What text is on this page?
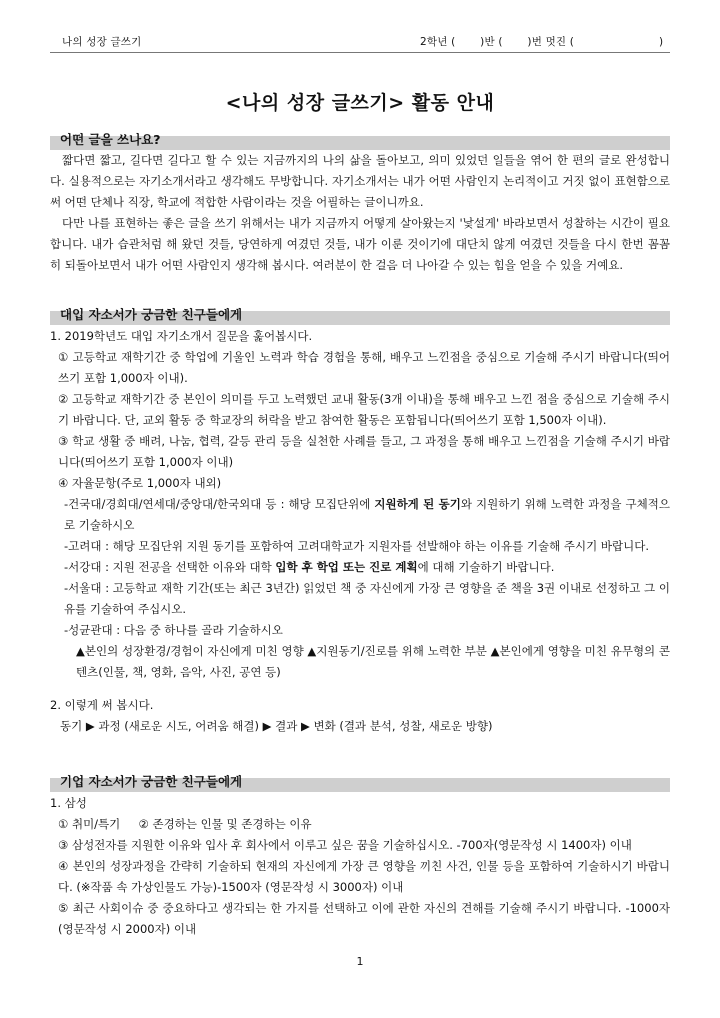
나의 성장 글쓰기	2학년 (       )반 (       )번 멋진 (                        )
<나의 성장 글쓰기> 활동 안내
어떤 글을 쓰나요?

짧다면 짧고, 길다면 길다고 할 수 있는 지금까지의 나의 삶을 돌아보고, 의미 있었던 일들을 엮어 한 편의 글로 완성합니다. 실용적으로는 자기소개서라고 생각해도 무방합니다. 자기소개서는 내가 어떤 사람인지 논리적이고 거짓 없이 표현함으로써 어떤 단체나 직장, 학교에 적합한 사람이라는 것을 어필하는 글이니까요.

다만 나를 표현하는 좋은 글을 쓰기 위해서는 내가 지금까지 어떻게 살아왔는지 '낯설게' 바라보면서 성찰하는 시간이 필요합니다. 내가 습관처럼 해 왔던 것들, 당연하게 여겼던 것들, 내가 이룬 것이기에 대단치 않게 여겼던 것들을 다시 한번 꼼꼼히 되돌아보면서 내가 어떤 사람인지 생각해 봅시다. 여러분이 한 걸음 더 나아갈 수 있는 힘을 얻을 수 있을 거예요.

대입 자소서가 궁금한 친구들에게
1. 2019학년도 대입 자기소개서 질문을 훑어봅시다.
① 고등학교 재학기간 중 학업에 기울인 노력과 학습 경험을 통해, 배우고 느낀점을 중심으로 기술해 주시기 바랍니다(띄어쓰기 포함 1,000자 이내).
② 고등학교 재학기간 중 본인이 의미를 두고 노력했던 교내 활동(3개 이내)을 통해 배우고 느낀 점을 중심으로 기술해 주시기 바랍니다. 단, 교외 활동 중 학교장의 허락을 받고 참여한 활동은 포함됩니다(띄어쓰기 포함 1,500자 이내).
③ 학교 생활 중 배려, 나눔, 협력, 갈등 관리 등을 실천한 사례를 들고, 그 과정을 통해 배우고 느낀점을 기술해 주시기 바랍니다(띄어쓰기 포함 1,000자 이내)
④ 자율문항(주로 1,000자 내외)
-건국대/경희대/연세대/중앙대/한국외대 등 : 해당 모집단위에 지원하게 된 동기와 지원하기 위해 노력한 과정을 구체적으로 기술하시오
-고려대 : 해당 모집단위 지원 동기를 포함하여 고려대학교가 지원자를 선발해야 하는 이유를 기술해 주시기 바랍니다.
-서강대 : 지원 전공을 선택한 이유와 대학 입학 후 학업 또는 진로 계획에 대해 기술하기 바랍니다.
-서울대 : 고등학교 재학 기간(또는 최근 3년간) 읽었던 책 중 자신에게 가장 큰 영향을 준 책을 3권 이내로 선정하고 그 이유를 기술하여 주십시오.
-성균관대 : 다음 중 하나를 골라 기술하시오
▲본인의 성장환경/경험이 자신에게 미친 영향 ▲지원동기/진로를 위해 노력한 부분 ▲본인에게 영향을 미친 유무형의 콘텐츠(인물, 책, 영화, 음악, 사진, 공연 등)
2. 이렇게 써 봅시다.
동기 ▶ 과정 (새로운 시도, 어려움 해결) ▶ 결과 ▶ 변화 (결과 분석, 성찰, 새로운 방향)
기업 자소서가 궁금한 친구들에게
1. 삼성
① 취미/특기     ② 존경하는 인물 및 존경하는 이유
③ 삼성전자를 지원한 이유와 입사 후 회사에서 이루고 싶은 꿈을 기술하십시오. -700자(영문작성 시 1400자) 이내
④ 본인의 성장과정을 간략히 기술하되 현재의 자신에게 가장 큰 영향을 끼친 사건, 인물 등을 포함하여 기술하시기 바랍니다. (※작품 속 가상인물도 가능)-1500자 (영문작성 시 3000자) 이내
⑤ 최근 사회이슈 중 중요하다고 생각되는 한 가지를 선택하고 이에 관한 자신의 견해를 기술해 주시기 바랍니다. -1000자 (영문작성 시 2000자) 이내
1
